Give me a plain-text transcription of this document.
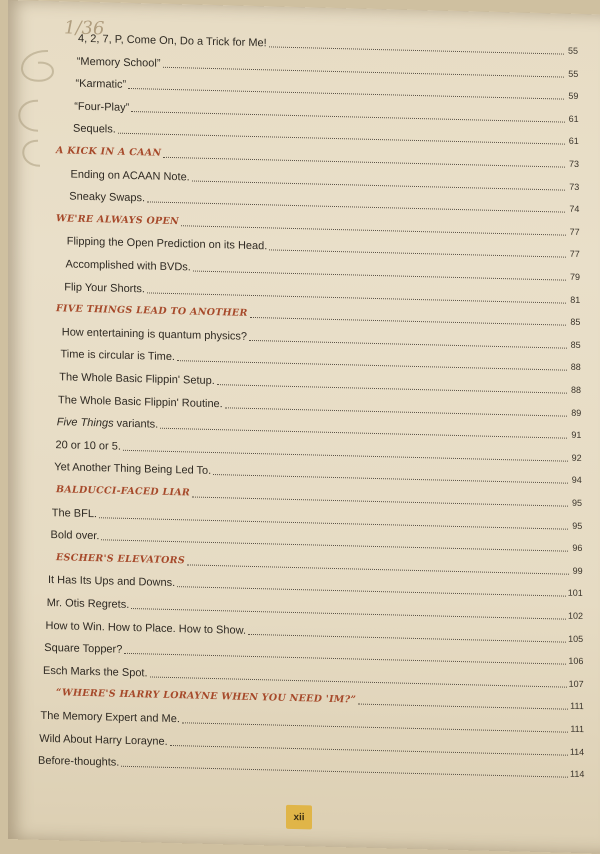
1/36
4, 2, 7, P, Come On, Do a Trick for Me!
55
“Memory School”
55
“Karmatic”
59
“Four-Play”
61
Sequels.
61
A KICK IN A CAAN
73
Ending on ACAAN Note.
73
Sneaky Swaps.
74
WE'RE ALWAYS OPEN
77
Flipping the Open Prediction on its Head.
77
Accomplished with BVDs.
79
Flip Your Shorts.
81
FIVE THINGS LEAD TO ANOTHER
85
How entertaining is quantum physics?
85
Time is circular is Time.
88
The Whole Basic Flippin' Setup.
88
The Whole Basic Flippin' Routine.
89
Five Things variants.
91
20 or 10 or 5.
92
Yet Another Thing Being Led To.
94
BALDUCCI-FACED LIAR
95
The BFL.
95
Bold over.
96
ESCHER'S ELEVATORS
99
It Has Its Ups and Downs.
101
Mr. Otis Regrets.
102
How to Win. How to Place. How to Show.
105
Square Topper?
106
Esch Marks the Spot.
107
“WHERE'S HARRY LORAYNE WHEN YOU NEED 'IM?”
111
The Memory Expert and Me.
111
Wild About Harry Lorayne.
114
Before-thoughts.
114
xii
